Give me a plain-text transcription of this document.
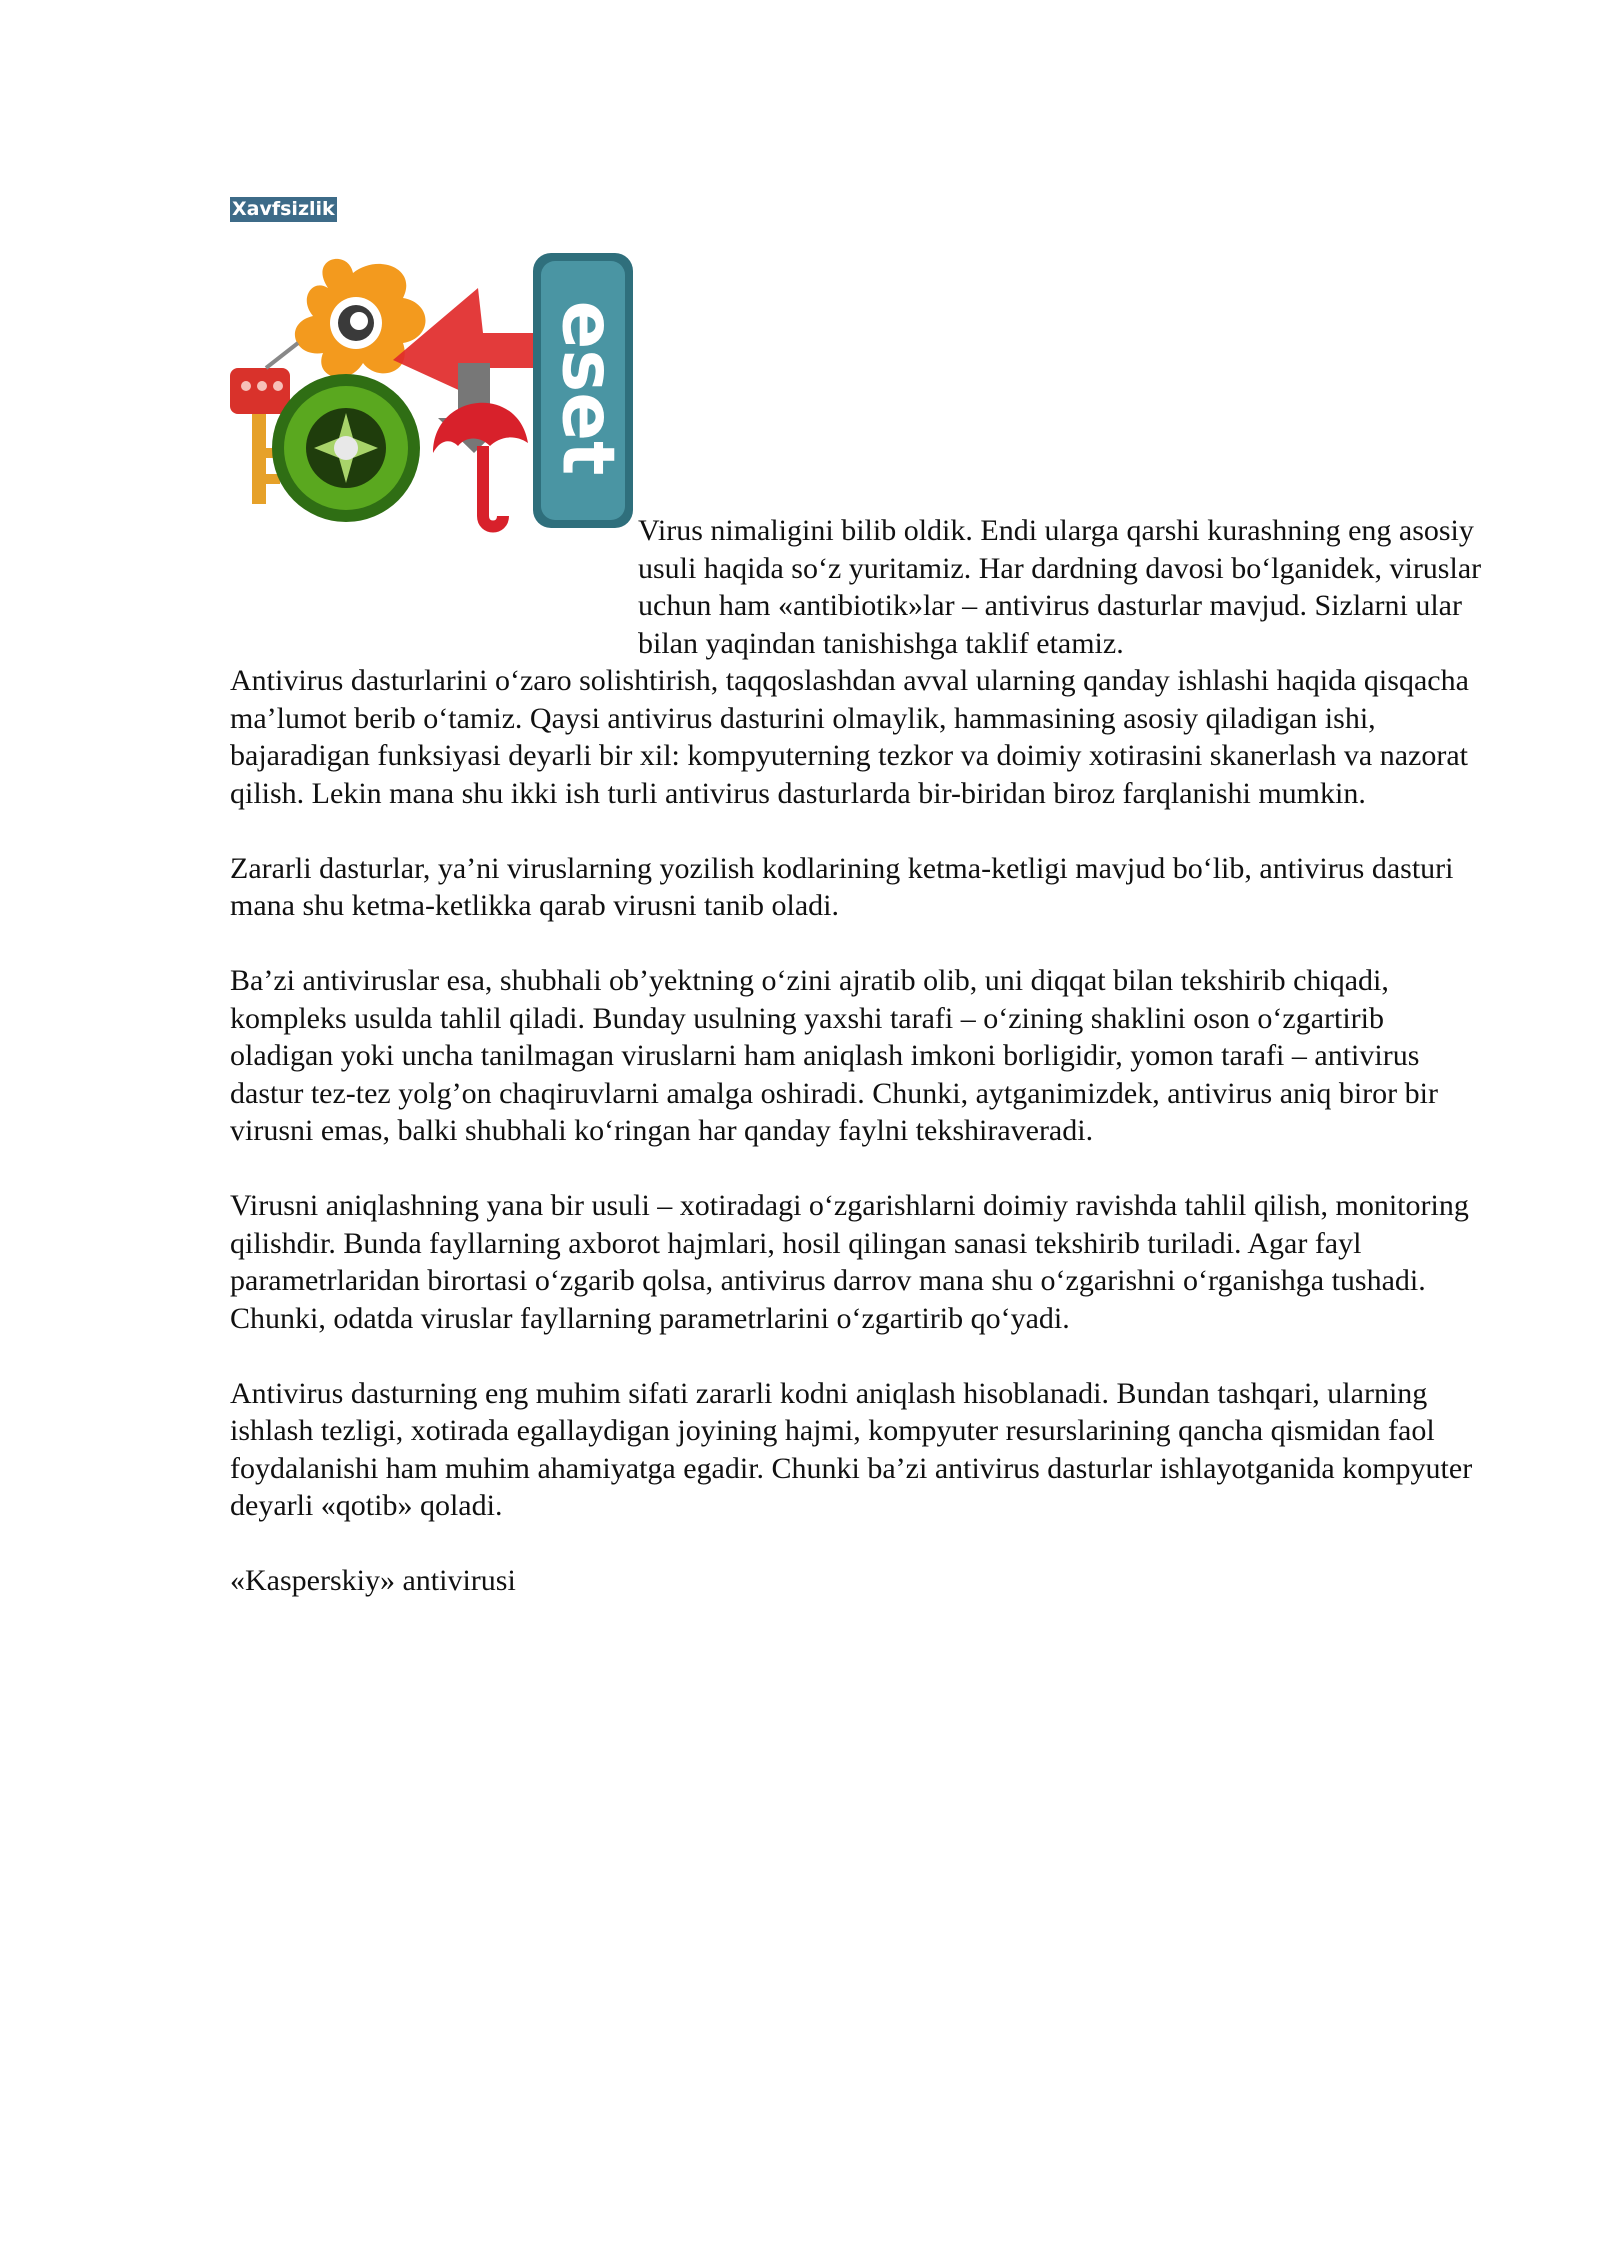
Xavfsizlik
eset

Virus nimaligini bilib oldik. Endi ularga qarshi kurashning eng asosiy usuli haqida so‘z yuritamiz. Har dardning davosi bo‘lganidek, viruslar uchun ham «antibiotik»lar – antivirus dasturlar mavjud. Sizlarni ular bilan yaqindan tanishishga taklif etamiz.

Antivirus dasturlarini o‘zaro solishtirish, taqqoslashdan avval ularning qanday ishlashi haqida qisqacha ma’lumot berib o‘tamiz. Qaysi antivirus dasturini olmaylik, hammasining asosiy qiladigan ishi, bajaradigan funksiyasi deyarli bir xil: kompyuterning tezkor va doimiy xotirasini skanerlash va nazorat qilish. Lekin mana shu ikki ish turli antivirus dasturlarda bir-biridan biroz farqlanishi mumkin.

Zararli dasturlar, ya’ni viruslarning yozilish kodlarining ketma-ketligi mavjud bo‘lib, antivirus dasturi mana shu ketma-ketlikka qarab virusni tanib oladi.

Ba’zi antiviruslar esa, shubhali ob’yektning o‘zini ajratib olib, uni diqqat bilan tekshirib chiqadi, kompleks usulda tahlil qiladi. Bunday usulning yaxshi tarafi – o‘zining shaklini oson o‘zgartirib oladigan yoki uncha tanilmagan viruslarni ham aniqlash imkoni borligidir, yomon tarafi – antivirus dastur tez-tez yolg’on chaqiruvlarni amalga oshiradi. Chunki, aytganimizdek, antivirus aniq biror bir virusni emas, balki shubhali ko‘ringan har qanday faylni tekshiraveradi.

Virusni aniqlashning yana bir usuli – xotiradagi o‘zgarishlarni doimiy ravishda tahlil qilish, monitoring qilishdir. Bunda fayllarning axborot hajmlari, hosil qilingan sanasi tekshirib turiladi. Agar fayl parametrlaridan birortasi o‘zgarib qolsa, antivirus darrov mana shu o‘zgarishni o‘rganishga tushadi. Chunki, odatda viruslar fayllarning parametrlarini o‘zgartirib qo‘yadi.

Antivirus dasturning eng muhim sifati zararli kodni aniqlash hisoblanadi. Bundan tashqari, ularning ishlash tezligi, xotirada egallaydigan joyining hajmi, kompyuter resurslarining qancha qismidan faol foydalanishi ham muhim ahamiyatga egadir. Chunki ba’zi antivirus dasturlar ishlayotganida kompyuter deyarli «qotib» qoladi.

«Kasperskiy» antivirusi
